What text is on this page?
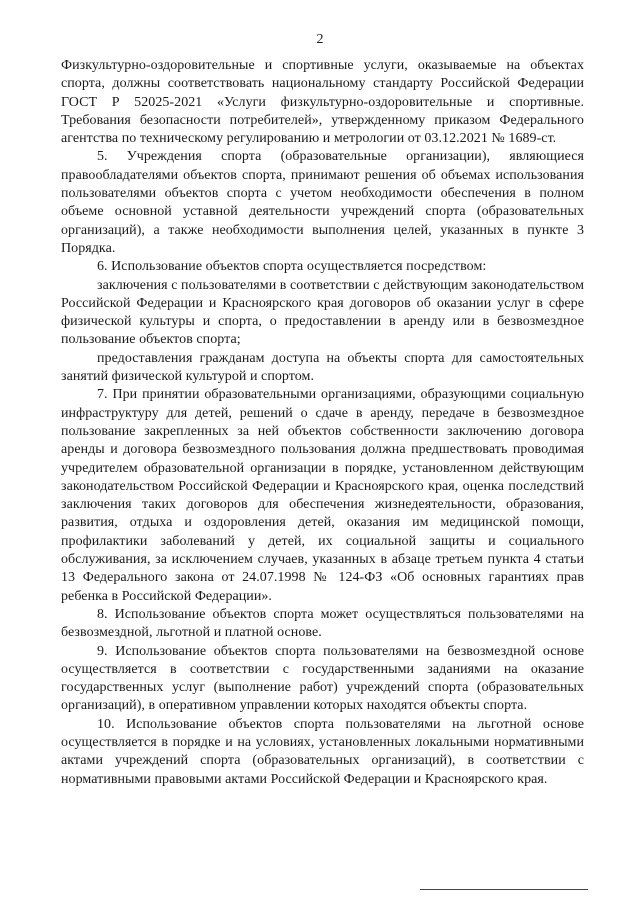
2

Физкультурно-оздоровительные и спортивные услуги, оказываемые на объектах спорта, должны соответствовать национальному стандарту Российской Федерации ГОСТ Р 52025-2021 «Услуги физкультурно-оздоровительные и спортивные. Требования безопасности потребителей», утвержденному приказом Федерального агентства по техническому регулированию и метрологии от 03.12.2021 № 1689-ст.

5. Учреждения спорта (образовательные организации), являющиеся правообладателями объектов спорта, принимают решения об объемах использования пользователями объектов спорта с учетом необходимости обеспечения в полном объеме основной уставной деятельности учреждений спорта (образовательных организаций), а также необходимости выполнения целей, указанных в пункте 3 Порядка.

6. Использование объектов спорта осуществляется посредством:

заключения с пользователями в соответствии с действующим законодательством Российской Федерации и Красноярского края договоров об оказании услуг в сфере физической культуры и спорта, о предоставлении в аренду или в безвозмездное пользование объектов спорта;

предоставления гражданам доступа на объекты спорта для самостоятельных занятий физической культурой и спортом.

7. При принятии образовательными организациями, образующими социальную инфраструктуру для детей, решений о сдаче в аренду, передаче в безвозмездное пользование закрепленных за ней объектов собственности заключению договора аренды и договора безвозмездного пользования должна предшествовать проводимая учредителем образовательной организации в порядке, установленном действующим законодательством Российской Федерации и Красноярского края, оценка последствий заключения таких договоров для обеспечения жизнедеятельности, образования, развития, отдыха и оздоровления детей, оказания им медицинской помощи, профилактики заболеваний у детей, их социальной защиты и социального обслуживания, за исключением случаев, указанных в абзаце третьем пункта 4 статьи 13 Федерального закона от 24.07.1998 № 124-ФЗ «Об основных гарантиях прав ребенка в Российской Федерации».

8. Использование объектов спорта может осуществляться пользователями на безвозмездной, льготной и платной основе.

9. Использование объектов спорта пользователями на безвозмездной основе осуществляется в соответствии с государственными заданиями на оказание государственных услуг (выполнение работ) учреждений спорта (образовательных организаций), в оперативном управлении которых находятся объекты спорта.

10. Использование объектов спорта пользователями на льготной основе осуществляется в порядке и на условиях, установленных локальными нормативными актами учреждений спорта (образовательных организаций), в соответствии с нормативными правовыми актами Российской Федерации и Красноярского края.
